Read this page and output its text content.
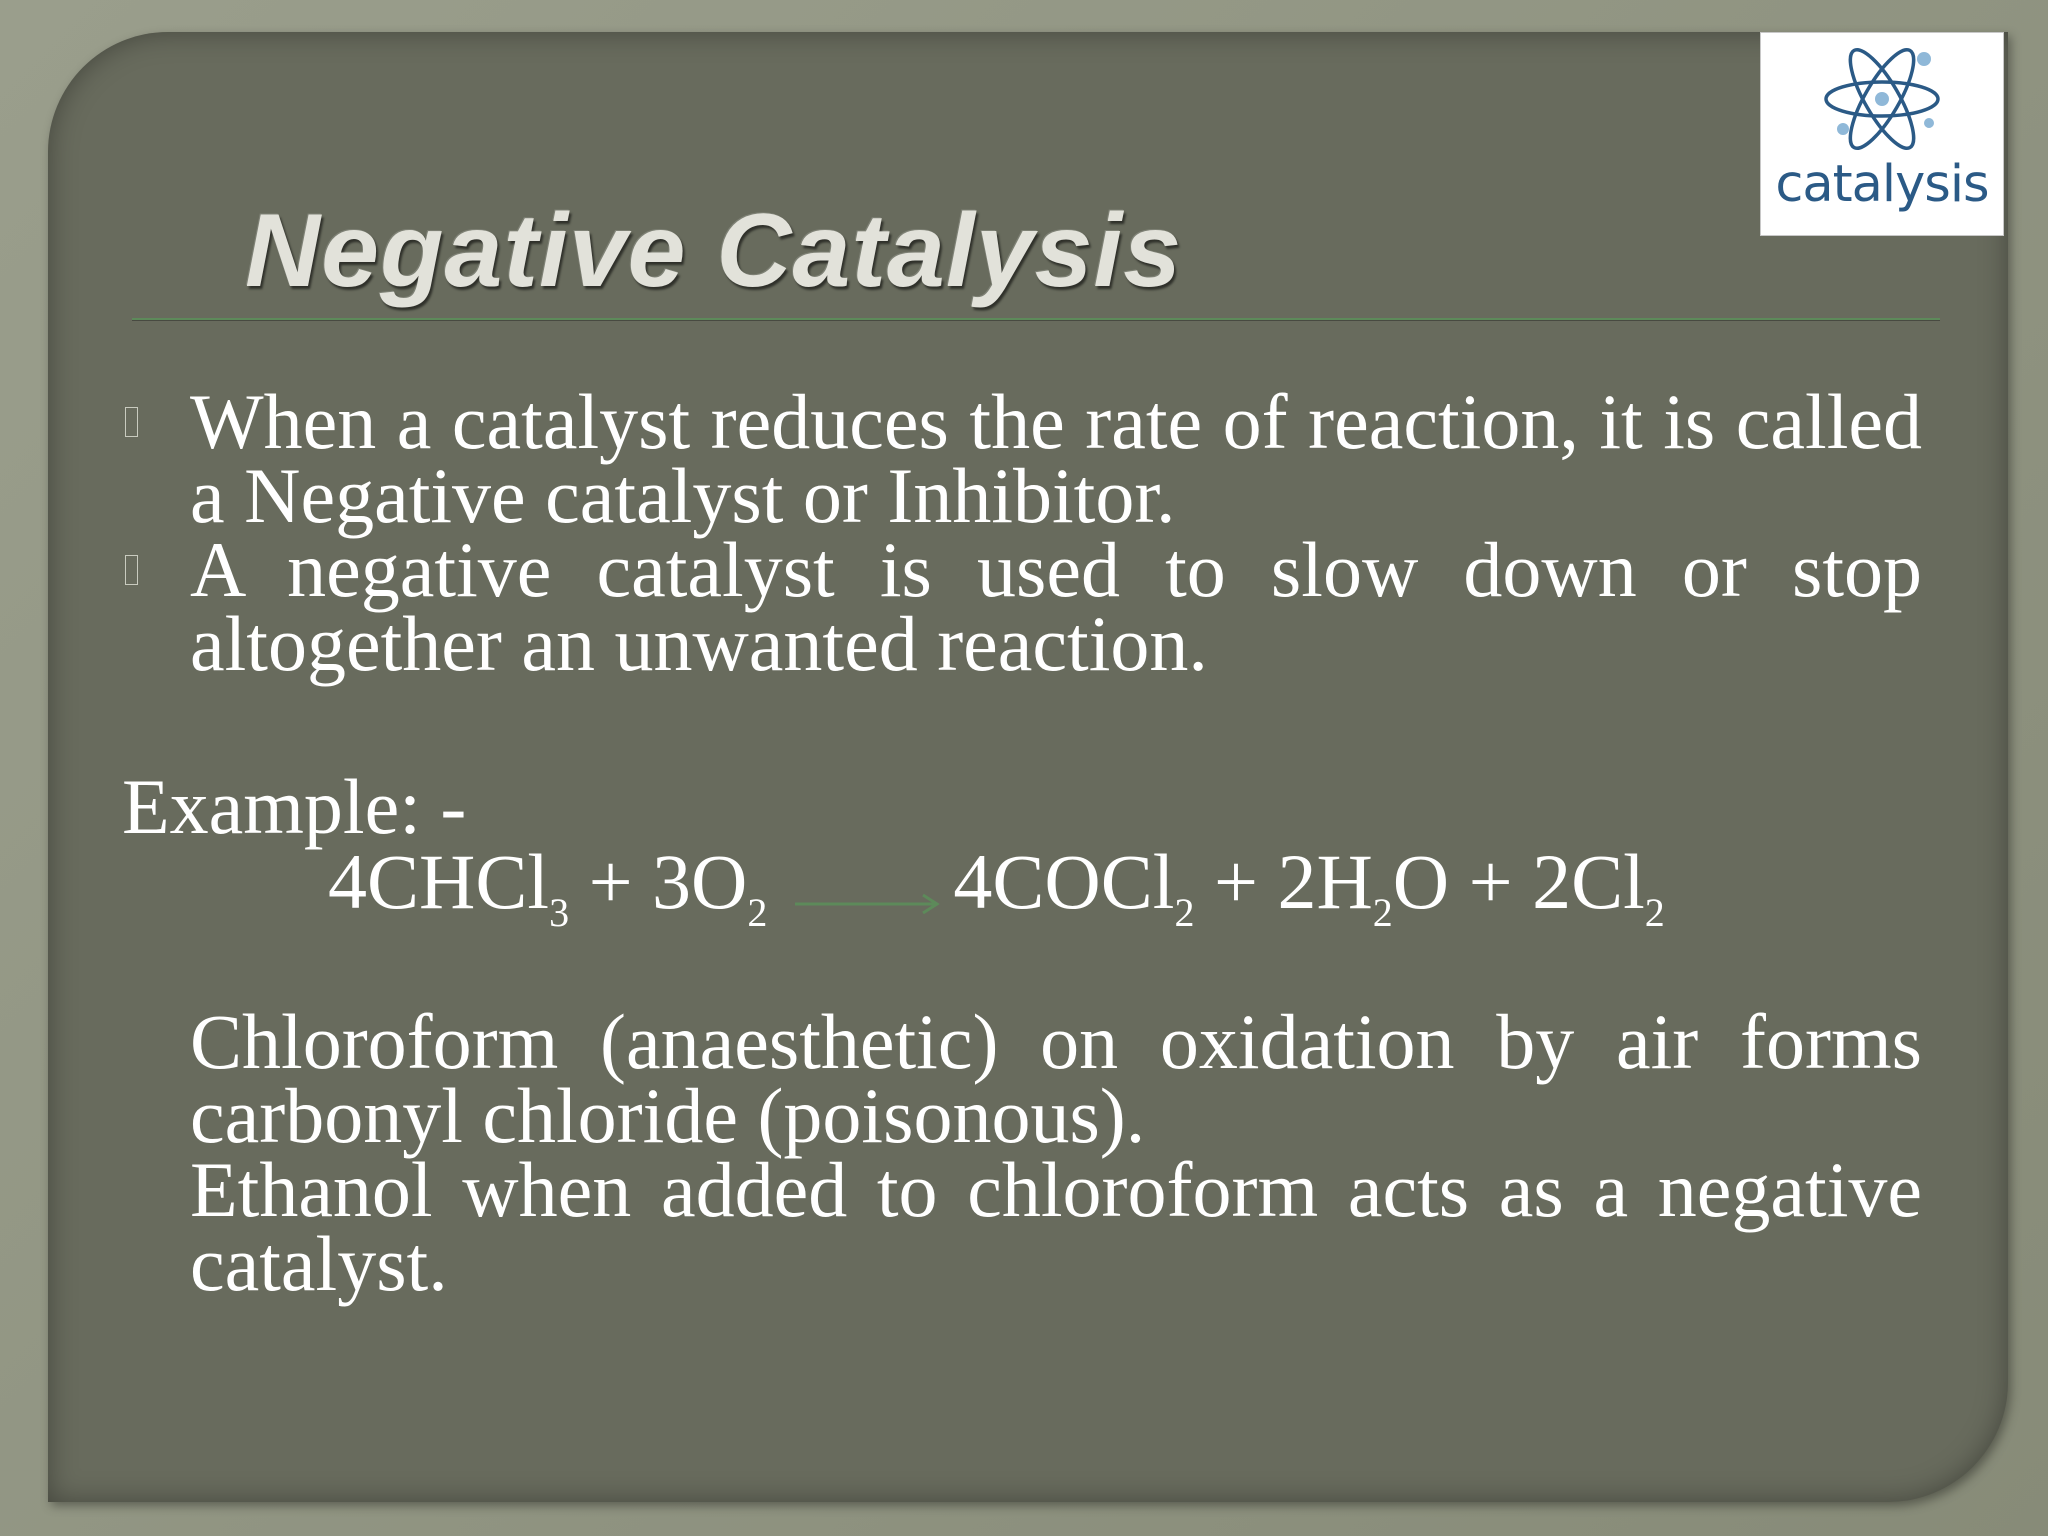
Negative Catalysis
catalysis
When a catalyst reduces the rate of reaction, it is called a Negative catalyst or Inhibitor.
A negative catalyst is used to slow down or stop altogether an unwanted reaction.
Example: -
4CHCl$_3$ + $3O_2$ 4COCl$_2$ + $2H_2O + 2Cl_2$
Chloroform (anaesthetic) on oxidation by air forms carbonyl chloride (poisonous).
Ethanol when added to chloroform acts as a negative catalyst.
